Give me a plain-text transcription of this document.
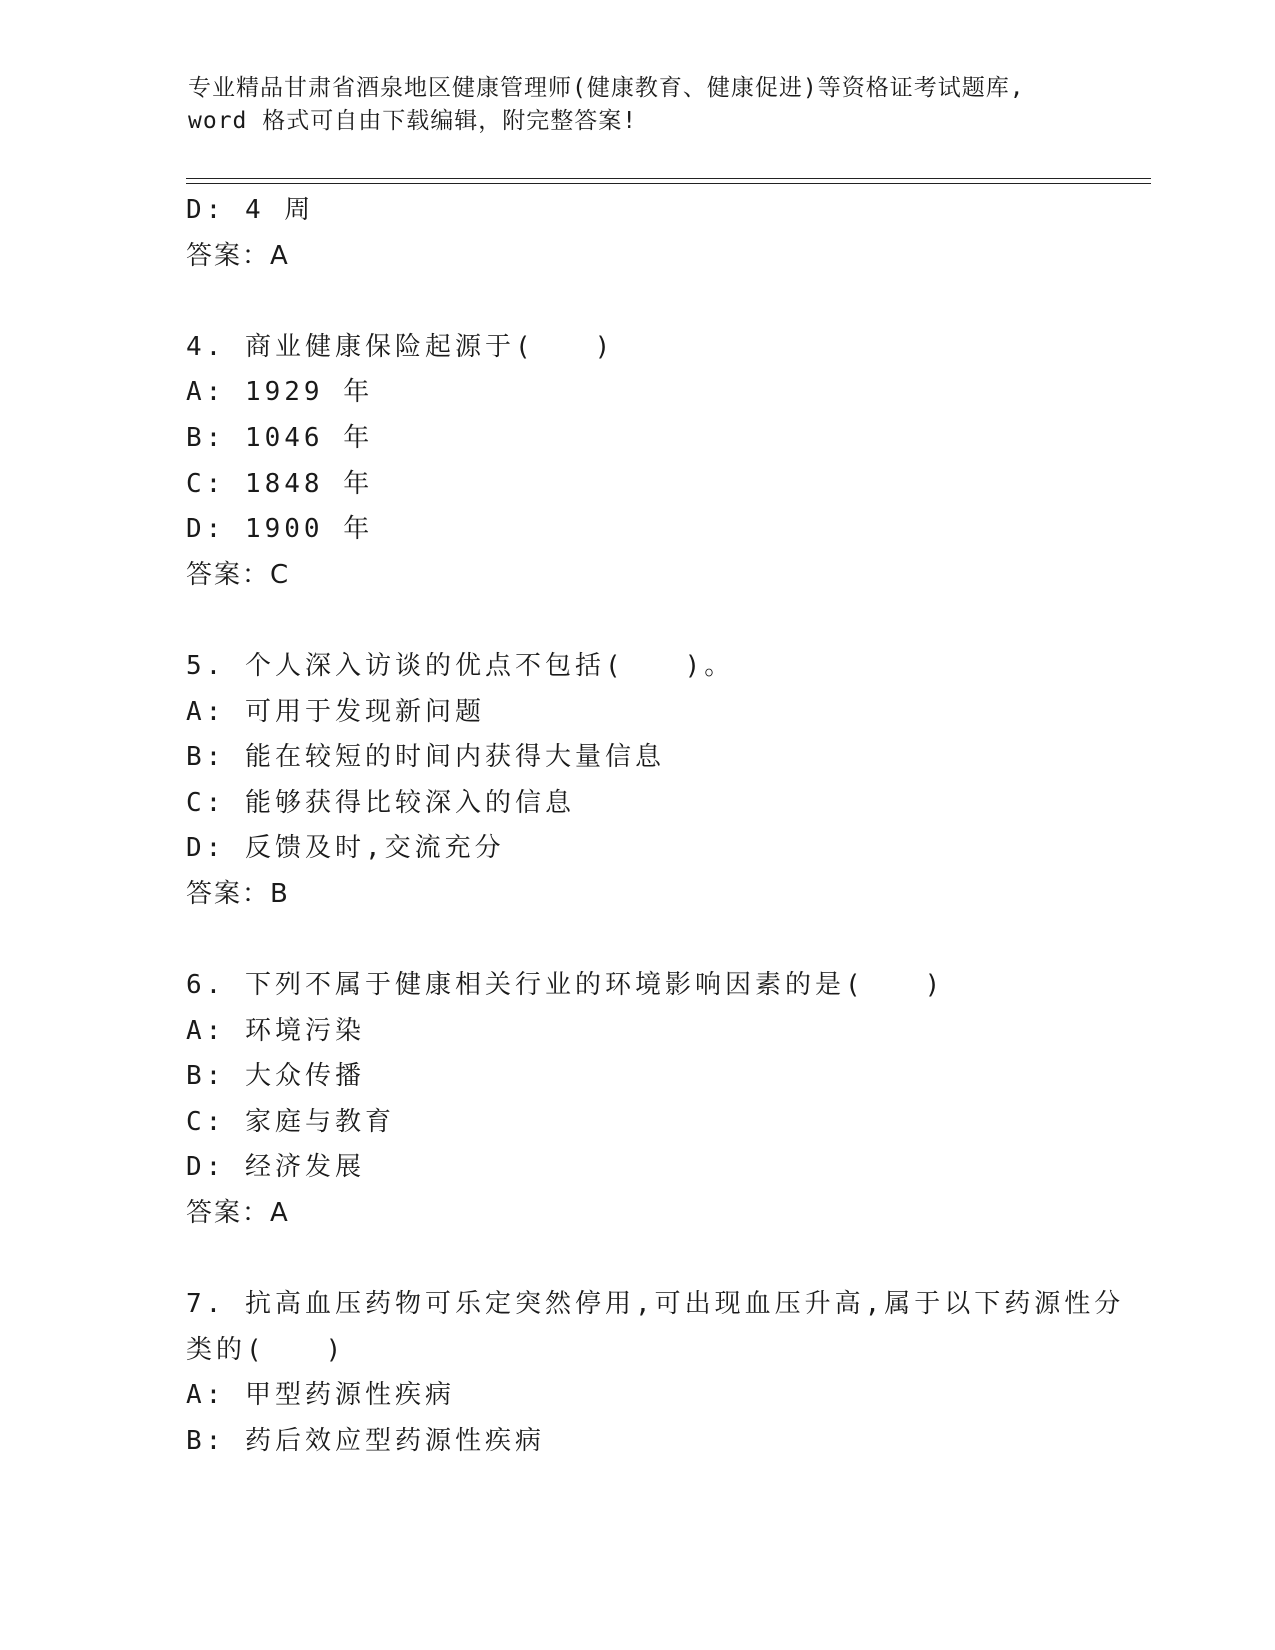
专业精品甘肃省酒泉地区健康管理师(健康教育、健康促进)等资格证考试题库,
word 格式可自由下载编辑，附完整答案!
D: 4 周
答案：A
4. 商业健康保险起源于(　　)
A: 1929 年
B: 1046 年
C: 1848 年
D: 1900 年
答案：C
5. 个人深入访谈的优点不包括(　　)。
A: 可用于发现新问题
B: 能在较短的时间内获得大量信息
C: 能够获得比较深入的信息
D: 反馈及时,交流充分
答案：B
6. 下列不属于健康相关行业的环境影响因素的是(　　)
A: 环境污染
B: 大众传播
C: 家庭与教育
D: 经济发展
答案：A
7. 抗高血压药物可乐定突然停用,可出现血压升高,属于以下药源性分
类的(　　)
A: 甲型药源性疾病
B: 药后效应型药源性疾病
